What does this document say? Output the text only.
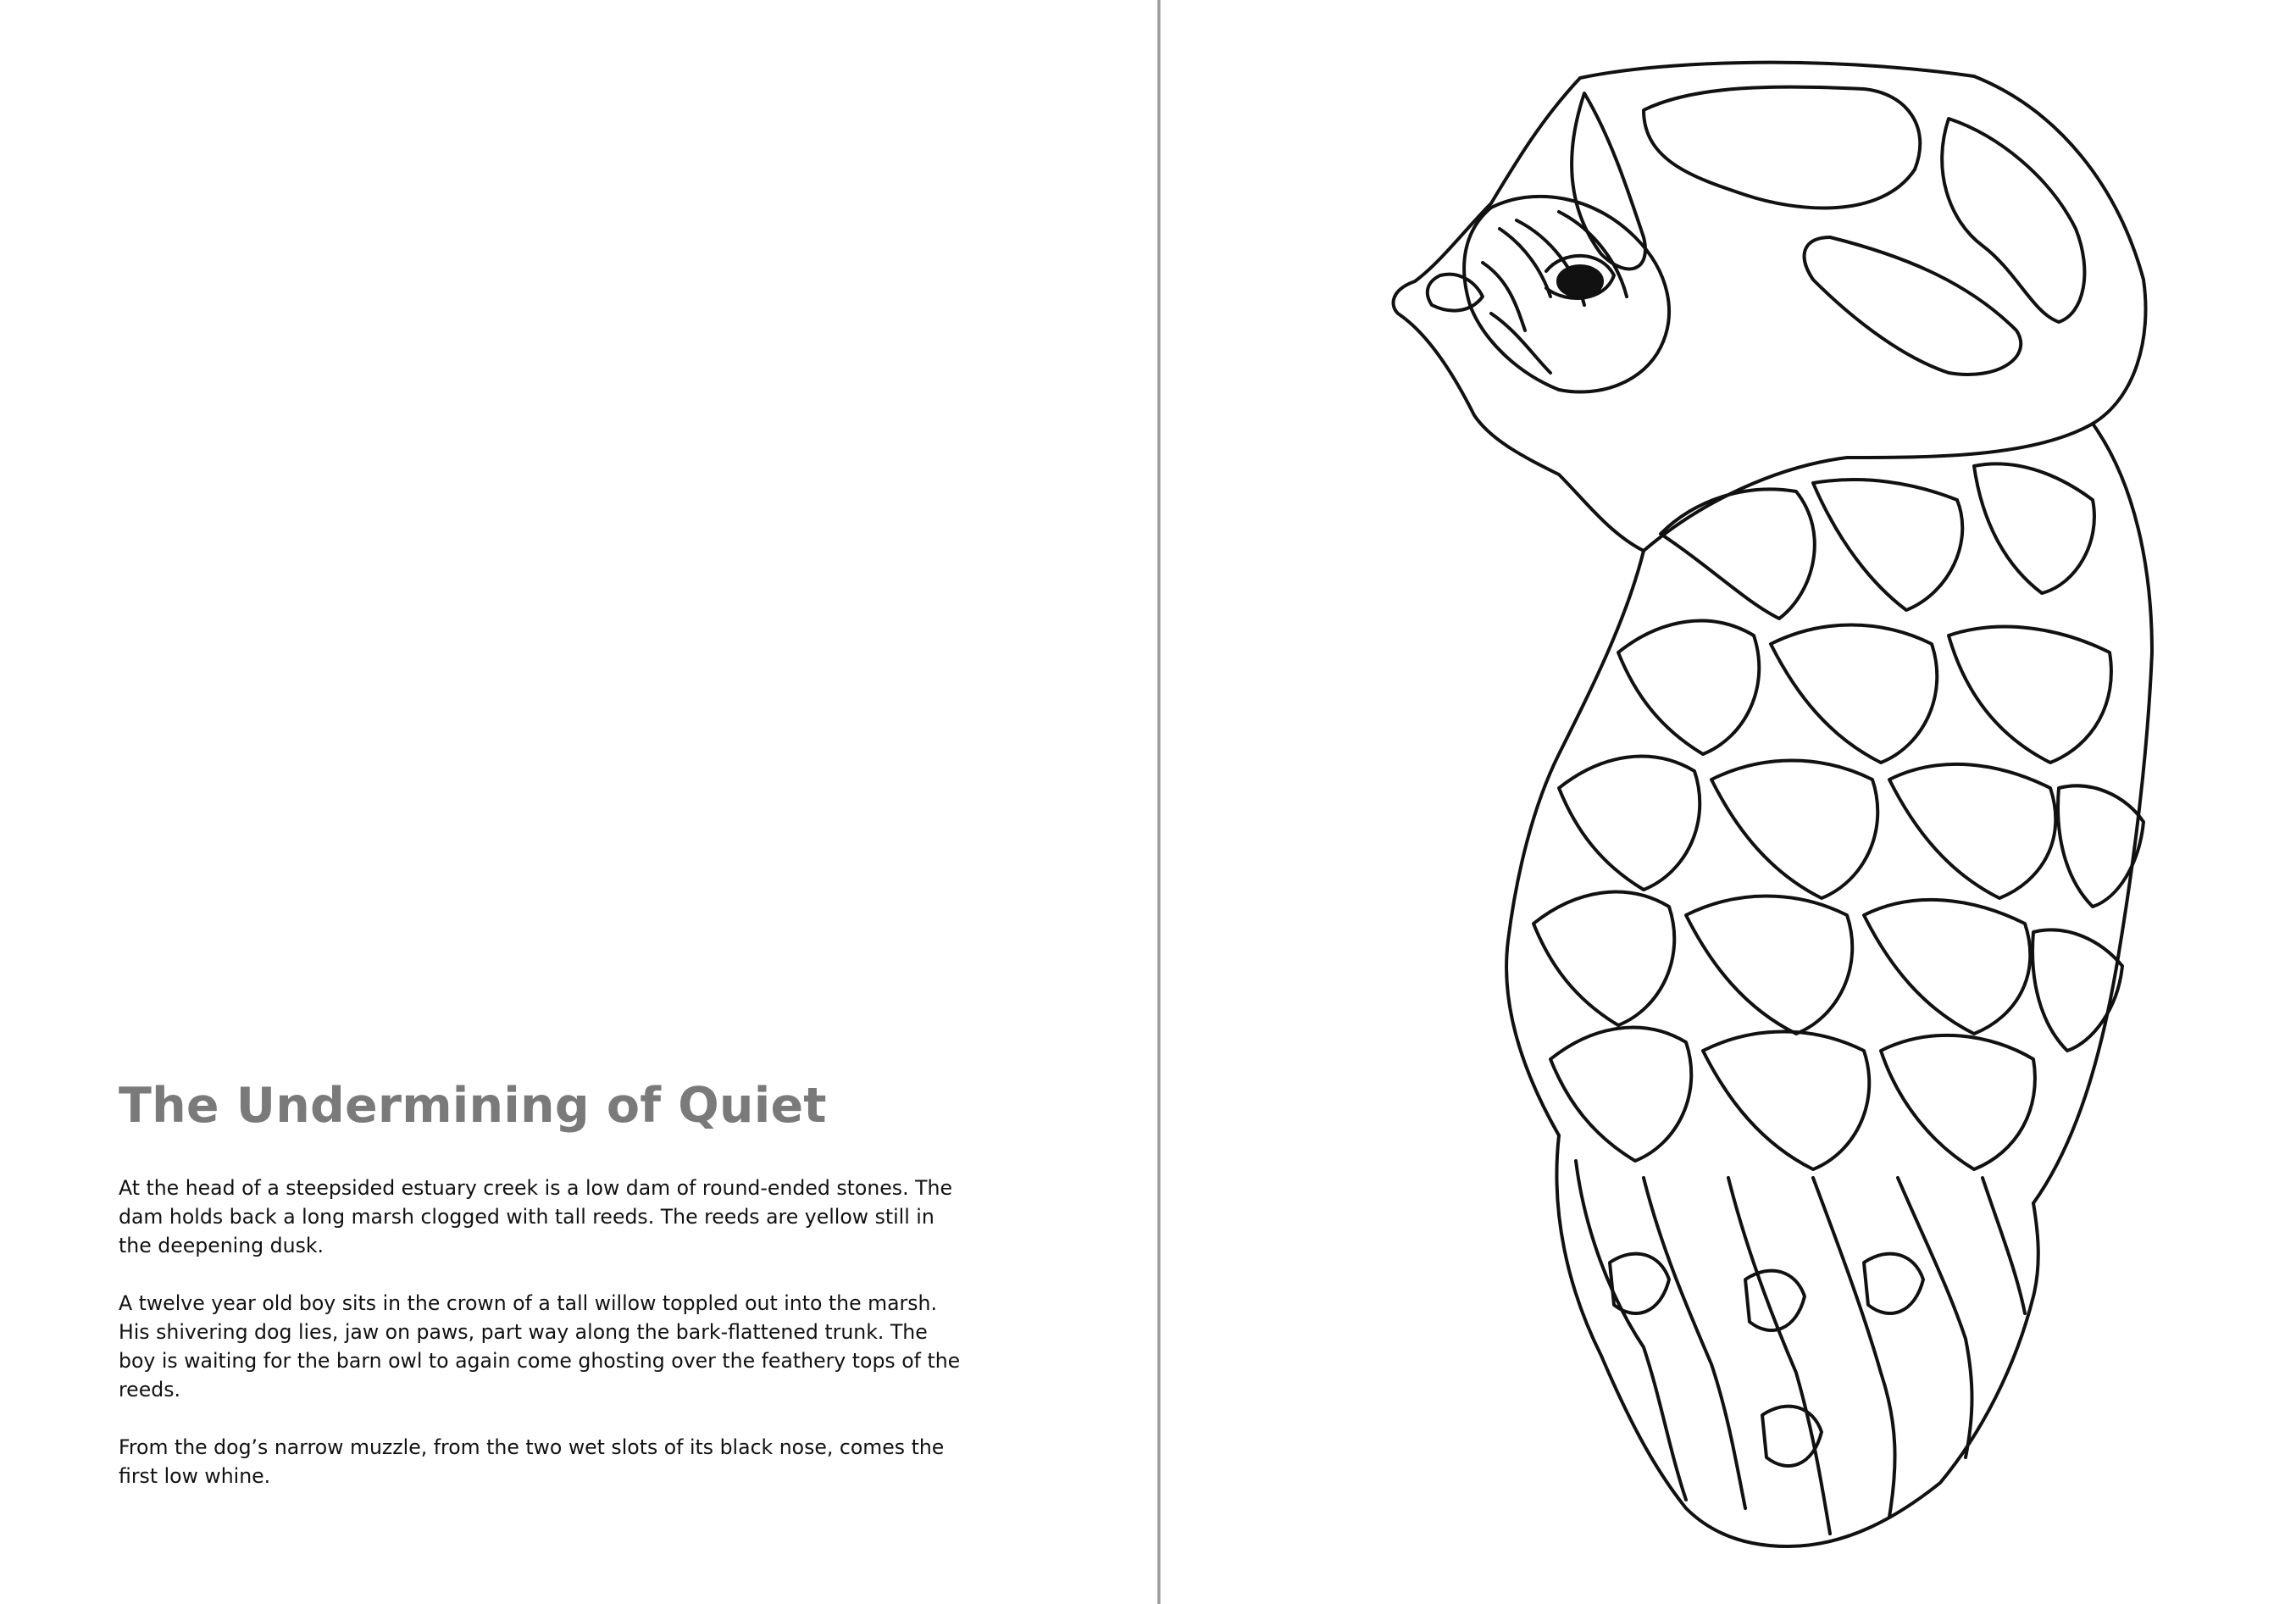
The Undermining of Quiet

At the head of a steepsided estuary creek is a low dam of round-ended stones. The
dam holds back a long marsh clogged with tall reeds. The reeds are yellow still in
the deepening dusk.

A twelve year old boy sits in the crown of a tall willow toppled out into the marsh.
His shivering dog lies, jaw on paws, part way along the bark-flattened trunk. The
boy is waiting for the barn owl to again come ghosting over the feathery tops of the
reeds.

From the dog’s narrow muzzle, from the two wet slots of its black nose, comes the
first low whine.
